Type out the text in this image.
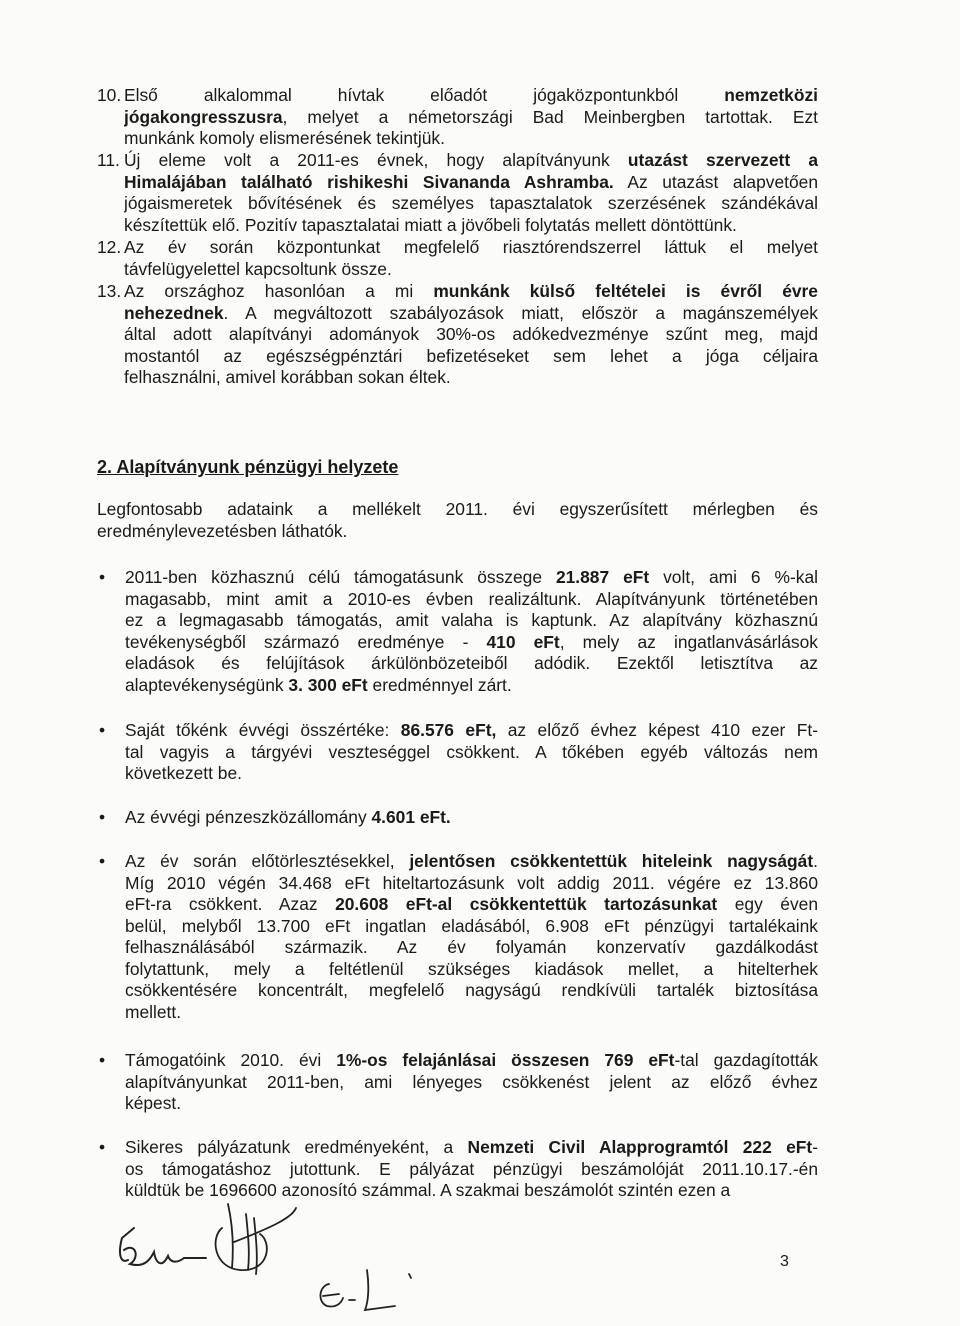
10. Első alkalommal hívtak előadót jógaközpontunkból nemzetközi
jógakongresszusra, melyet a németországi Bad Meinbergben tartottak. Ezt
munkánk komoly elismerésének tekintjük.
11. Új eleme volt a 2011-es évnek, hogy alapítványunk utazást szervezett a
Himalájában található rishikeshi Sivananda Ashramba. Az utazást alapvetően
jógaismeretek bővítésének és személyes tapasztalatok szerzésének szándékával
készítettük elő. Pozitív tapasztalatai miatt a jövőbeli folytatás mellett döntöttünk.
12. Az év során központunkat megfelelő riasztórendszerrel láttuk el melyet
távfelügyelettel kapcsoltunk össze.
13. Az országhoz hasonlóan a mi munkánk külső feltételei is évről évre
nehezednek. A megváltozott szabályozások miatt, először a magánszemélyek
által adott alapítványi adományok 30%-os adókedvezménye szűnt meg, majd
mostantól az egészségpénztári befizetéseket sem lehet a jóga céljaira
felhasználni, amivel korábban sokan éltek.
2. Alapítványunk pénzügyi helyzete
Legfontosabb adataink a mellékelt 2011. évi egyszerűsített mérlegben és
eredménylevezetésben láthatók.
• 2011-ben közhasznú célú támogatásunk összege 21.887 eFt volt, ami 6 %-kal
magasabb, mint amit a 2010-es évben realizáltunk. Alapítványunk történetében
ez a legmagasabb támogatás, amit valaha is kaptunk. Az alapítvány közhasznú
tevékenységből származó eredménye - 410 eFt, mely az ingatlanvásárlások
eladások és felújítások árkülönbözeteiből adódik. Ezektől letisztítva az
alaptevékenységünk 3. 300 eFt eredménnyel zárt.
• Saját tőkénk évvégi összértéke: 86.576 eFt, az előző évhez képest 410 ezer Ft-
tal vagyis a tárgyévi veszteséggel csökkent. A tőkében egyéb változás nem
következett be.
• Az évvégi pénzeszközállomány 4.601 eFt.
• Az év során előtörlesztésekkel, jelentősen csökkentettük hiteleink nagyságát.
Míg 2010 végén 34.468 eFt hiteltartozásunk volt addig 2011. végére ez 13.860
eFt-ra csökkent. Azaz 20.608 eFt-al csökkentettük tartozásunkat egy éven
belül, melyből 13.700 eFt ingatlan eladásából, 6.908 eFt pénzügyi tartalékaink
felhasználásából származik. Az év folyamán konzervatív gazdálkodást
folytattunk, mely a feltétlenül szükséges kiadások mellet, a hitelterhek
csökkentésére koncentrált, megfelelő nagyságú rendkívüli tartalék biztosítása
mellett.
• Támogatóink 2010. évi 1%-os felajánlásai összesen 769 eFt-tal gazdagították
alapítványunkat 2011-ben, ami lényeges csökkenést jelent az előző évhez
képest.
• Sikeres pályázatunk eredményeként, a Nemzeti Civil Alapprogramtól 222 eFt-
os támogatáshoz jutottunk. E pályázat pénzügyi beszámolóját 2011.10.17.-én
küldtük be 1696600 azonosító számmal. A szakmai beszámolót szintén ezen a
3
